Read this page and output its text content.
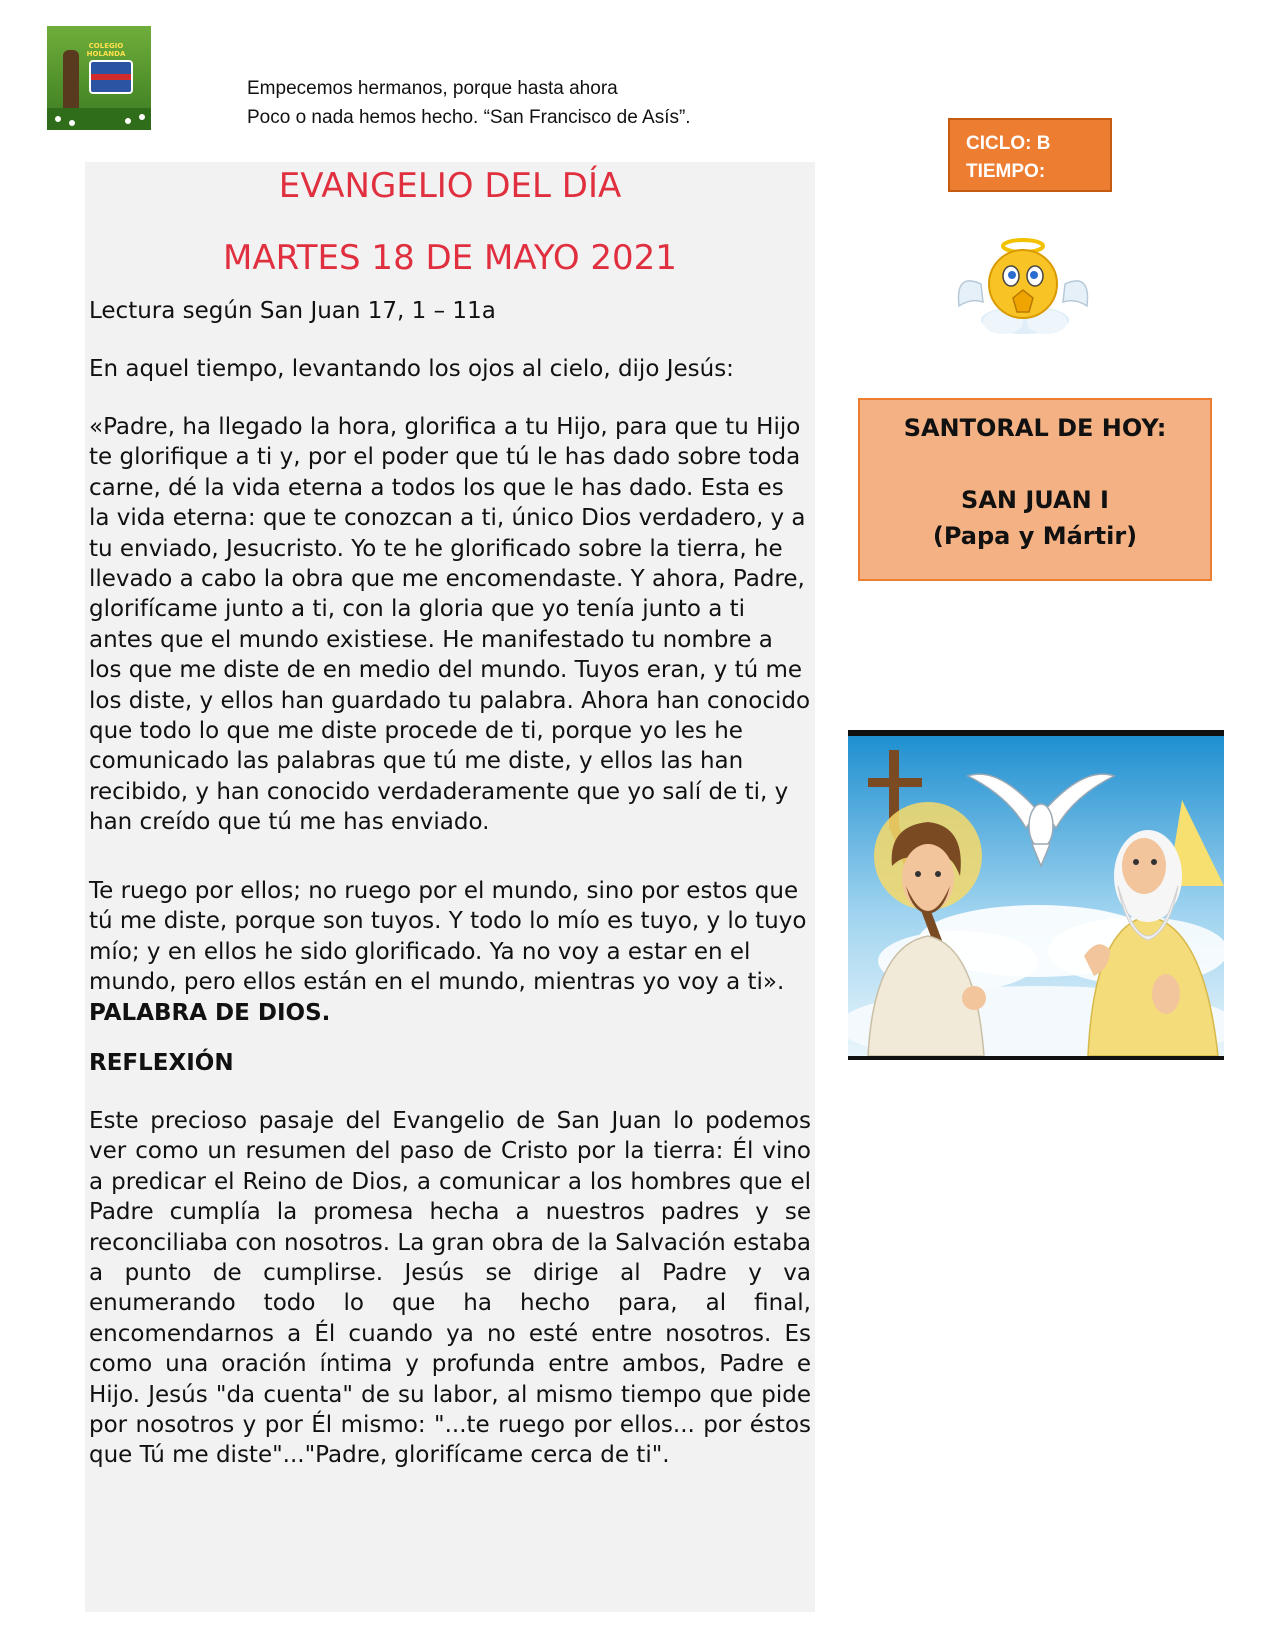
COLEGIO HOLANDA

Empecemos hermanos, porque hasta ahora

Poco o nada hemos hecho. “San Francisco de Asís”.

CICLO: B

TIEMPO:

SANTORAL DE HOY:

SAN JUAN I

(Papa y Mártir)

EVANGELIO DEL DÍA
MARTES 18 DE MAYO 2021

Lectura según San Juan 17, 1 – 11a

En aquel tiempo, levantando los ojos al cielo, dijo Jesús:

«Padre, ha llegado la hora, glorifica a tu Hijo, para que tu Hijo te glorifique a ti y, por el poder que tú le has dado sobre toda carne, dé la vida eterna a todos los que le has dado. Esta es la vida eterna: que te conozcan a ti, único Dios verdadero, y a tu enviado, Jesucristo. Yo te he glorificado sobre la tierra, he llevado a cabo la obra que me encomendaste. Y ahora, Padre, glorifícame junto a ti, con la gloria que yo tenía junto a ti antes que el mundo existiese. He manifestado tu nombre a los que me diste de en medio del mundo. Tuyos eran, y tú me los diste, y ellos han guardado tu palabra. Ahora han conocido que todo lo que me diste procede de ti, porque yo les he comunicado las palabras que tú me diste, y ellos las han recibido, y han conocido verdaderamente que yo salí de ti, y han creído que tú me has enviado.

Te ruego por ellos; no ruego por el mundo, sino por estos que tú me diste, porque son tuyos. Y todo lo mío es tuyo, y lo tuyo mío; y en ellos he sido glorificado. Ya no voy a estar en el mundo, pero ellos están en el mundo, mientras yo voy a ti».  PALABRA DE DIOS.

REFLEXIÓN

Este precioso pasaje del Evangelio de San Juan lo podemos ver como un resumen del paso de Cristo por la tierra: Él vino a predicar el Reino de Dios, a comunicar a los hombres que el Padre cumplía la promesa hecha a nuestros padres y se reconciliaba con nosotros. La gran obra de la Salvación estaba a punto de cumplirse. Jesús se dirige al Padre y va enumerando todo lo que ha hecho para, al final, encomendarnos a Él cuando ya no esté entre nosotros. Es como una oración íntima y profunda entre ambos, Padre e Hijo. Jesús "da cuenta" de su labor, al mismo tiempo que pide por nosotros y por Él mismo: "...te ruego por ellos... por éstos que Tú me diste"..."Padre, glorifícame cerca de ti".
